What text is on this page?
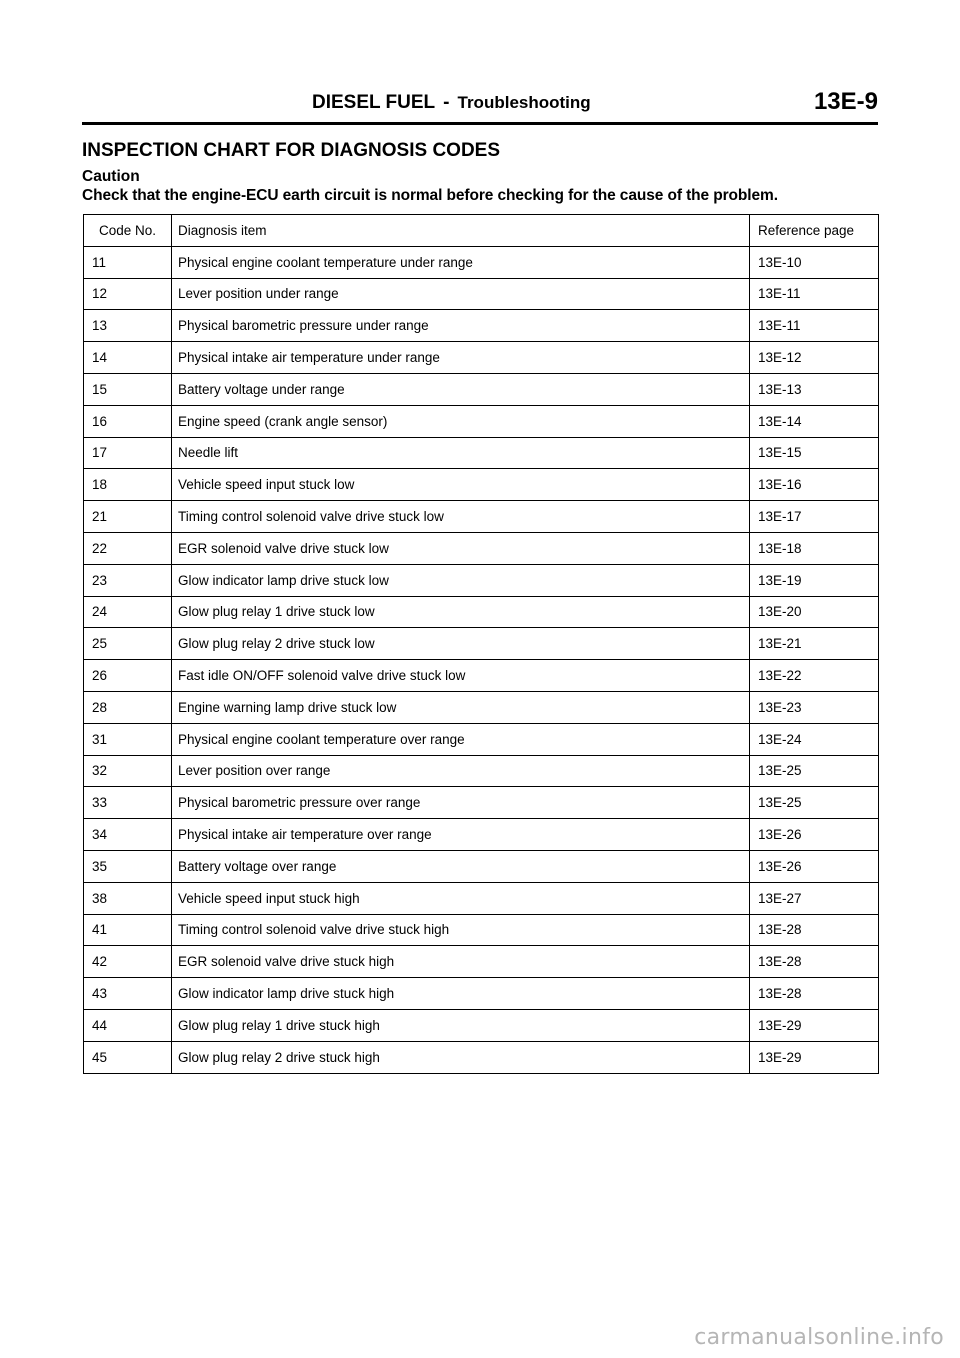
DIESEL FUEL - Troubleshooting	13E-9
INSPECTION CHART FOR DIAGNOSIS CODES
Caution
Check that the engine-ECU earth circuit is normal before checking for the cause of the problem.
Code No.	Diagnosis item	Reference page
11	Physical engine coolant temperature under range	13E-10
12	Lever position under range	13E-11
13	Physical barometric pressure under range	13E-11
14	Physical intake air temperature under range	13E-12
15	Battery voltage under range	13E-13
16	Engine speed (crank angle sensor)	13E-14
17	Needle lift	13E-15
18	Vehicle speed input stuck low	13E-16
21	Timing control solenoid valve drive stuck low	13E-17
22	EGR solenoid valve drive stuck low	13E-18
23	Glow indicator lamp drive stuck low	13E-19
24	Glow plug relay 1 drive stuck low	13E-20
25	Glow plug relay 2 drive stuck low	13E-21
26	Fast idle ON/OFF solenoid valve drive stuck low	13E-22
28	Engine warning lamp drive stuck low	13E-23
31	Physical engine coolant temperature over range	13E-24
32	Lever position over range	13E-25
33	Physical barometric pressure over range	13E-25
34	Physical intake air temperature over range	13E-26
35	Battery voltage over range	13E-26
38	Vehicle speed input stuck high	13E-27
41	Timing control solenoid valve drive stuck high	13E-28
42	EGR solenoid valve drive stuck high	13E-28
43	Glow indicator lamp drive stuck high	13E-28
44	Glow plug relay 1 drive stuck high	13E-29
45	Glow plug relay 2 drive stuck high	13E-29
carmanualsonline.info
